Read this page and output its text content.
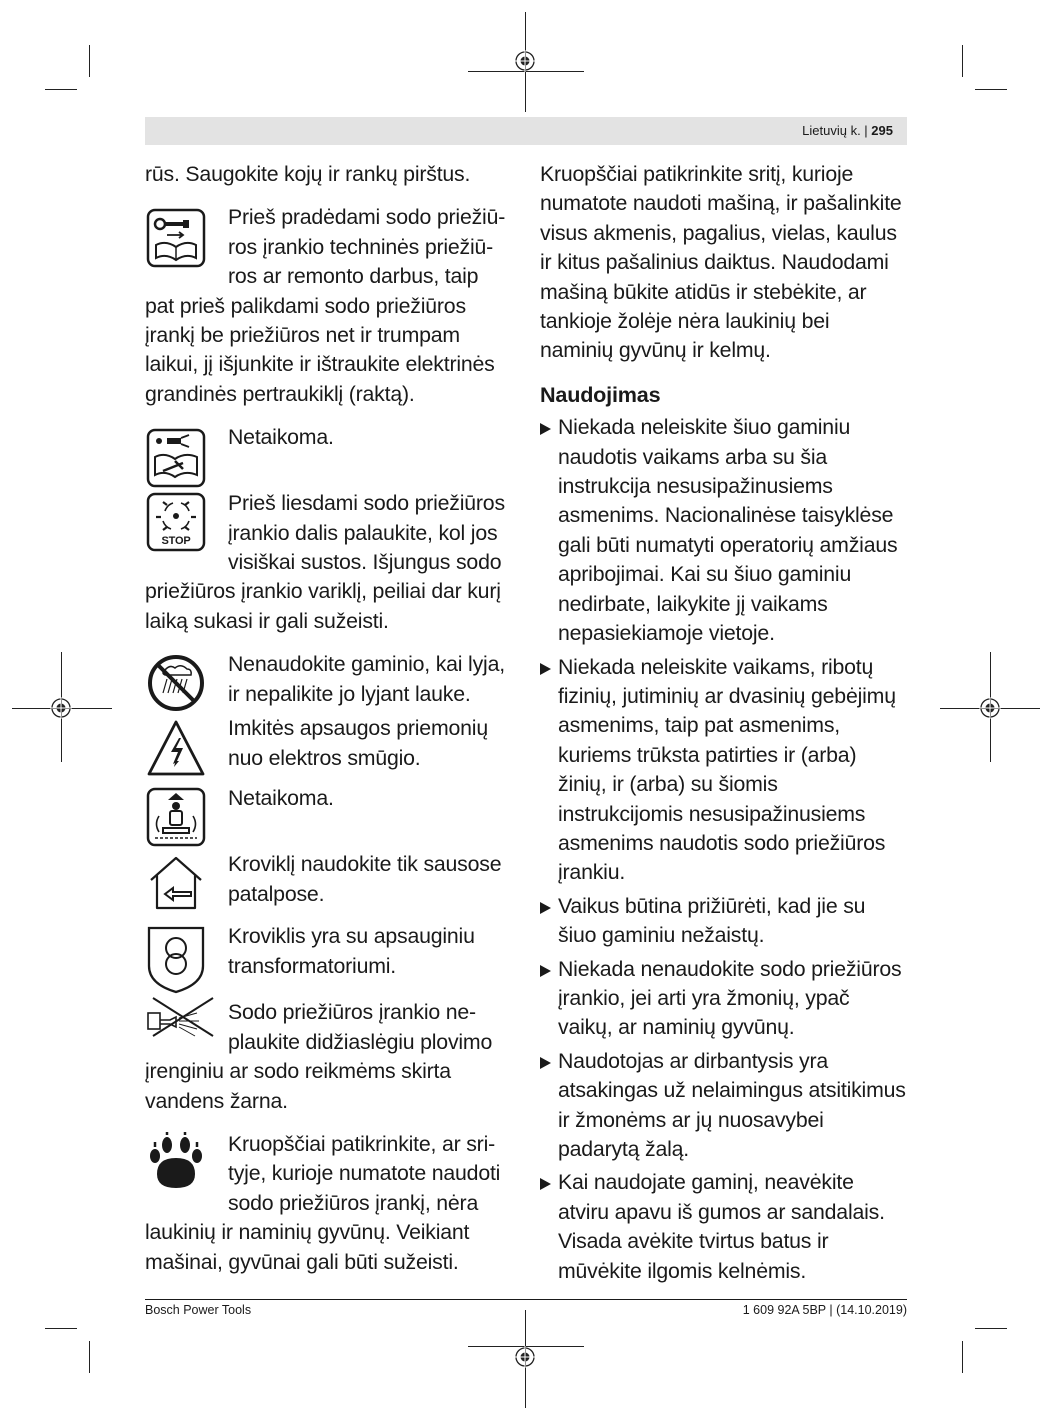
Lietuvių k. | 295

rūs. Saugokite kojų ir rankų pirštus.

Prieš pradėdami sodo priežiū-
ros įrankio techninės priežiū-
ros ar remonto darbus, taip

pat prieš palikdami sodo priežiūros įrankį be priežiūros net ir trumpam laikui, jį išjunkite ir ištraukite elektrinės grandinės pertraukiklį (raktą).

Netaikoma.

STOP

Prieš liesdami sodo priežiūros
įrankio dalis palaukite, kol jos
visiškai sustos. Išjungus sodo

priežiūros įrankio variklį, peiliai dar kurį laiką sukasi ir gali sužeisti.

Nenaudokite gaminio, kai lyja,
ir nepalikite jo lyjant lauke.

Imkitės apsaugos priemonių
nuo elektros smūgio.

Netaikoma.

Kroviklį naudokite tik sausose
patalpose.

Kroviklis yra su apsauginiu
transformatoriumi.

Sodo priežiūros įrankio ne-
plaukite didžiaslėgiu plovimo

įrenginiu ar sodo reikmėms skirta vandens žarna.

Kruopščiai patikrinkite, ar sri-
tyje, kurioje numatote naudoti
sodo priežiūros įrankį, nėra

laukinių ir naminių gyvūnų. Veikiant mašinai, gyvūnai gali būti sužeisti.

Kruopščiai patikrinkite sritį, kurioje numatote naudoti mašiną, ir pašalinkite visus akmenis, pagalius, vielas, kaulus ir kitus pašalinius daiktus. Naudodami mašiną būkite atidūs ir stebėkite, ar tankioje žolėje nėra laukinių bei naminių gyvūnų ir kelmų.

Naudojimas

Niekada neleiskite šiuo gaminiu naudotis vaikams arba su šia instrukcija nesusipažinusiems asmenims. Nacionalinėse taisyklėse gali būti numatyti operatorių amžiaus apribojimai. Kai su šiuo gaminiu nedirbate, laikykite jį vaikams nepasiekiamoje vietoje.

Niekada neleiskite vaikams, ribotų fizinių, jutiminių ar dvasinių gebėjimų asmenims, taip pat asmenims, kuriems trūksta patirties ir (arba) žinių, ir (arba) su šiomis instrukcijomis nesusipažinusiems asmenims naudotis sodo priežiūros įrankiu.

Vaikus būtina prižiūrėti, kad jie su šiuo gaminiu nežaistų.

Niekada nenaudokite sodo priežiūros įrankio, jei arti yra žmonių, ypač vaikų, ar naminių gyvūnų.

Naudotojas ar dirbantysis yra atsakingas už nelaimingus atsitikimus ir žmonėms ar jų nuosavybei padarytą žalą.

Kai naudojate gaminį, neavėkite atviru apavu iš gumos ar sandalais. Visada avėkite tvirtus batus ir mūvėkite ilgomis kelnėmis.

Bosch Power Tools	1 609 92A 5BP | (14.10.2019)
